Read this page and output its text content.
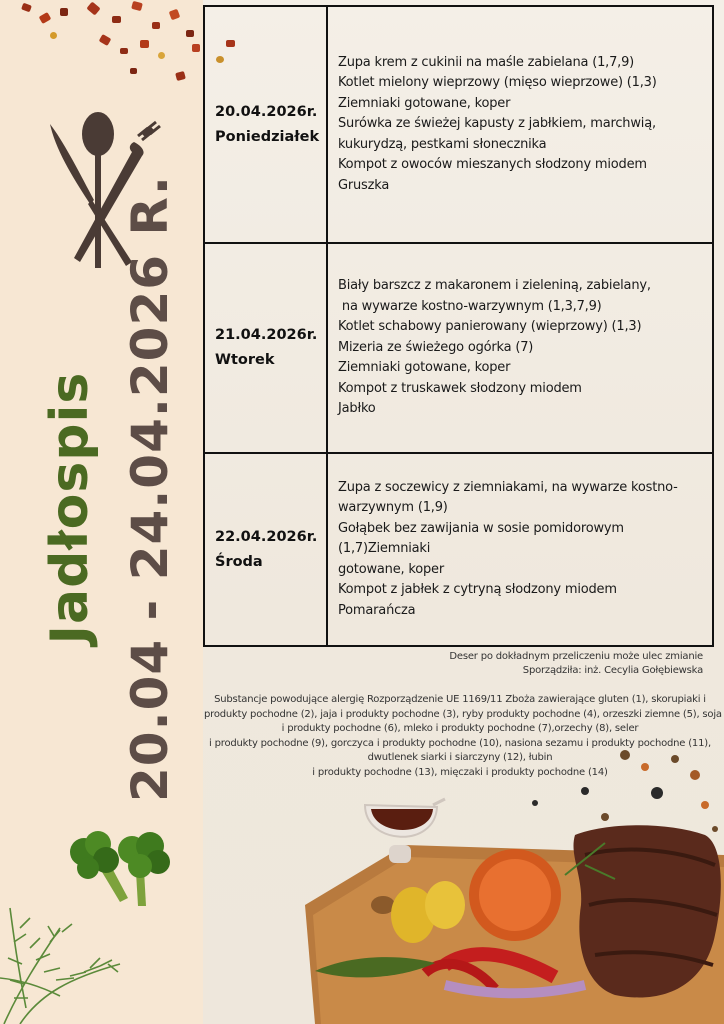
Jadłospis 20.04 - 24.04.2026 R.
20.04.2026r.
Poniedziałek
Zupa krem z cukinii na maśle zabielana (1,7,9)
Kotlet mielony wieprzowy (mięso wieprzowe) (1,3)
Ziemniaki gotowane, koper
Surówka ze świeżej kapusty z jabłkiem, marchwią,
kukurydzą, pestkami słonecznika
Kompot z owoców mieszanych słodzony miodem
Gruszka
21.04.2026r.
Wtorek
Biały barszcz z makaronem i zieleniną, zabielany,
na wywarze kostno-warzywnym (1,3,7,9)
Kotlet schabowy panierowany (wieprzowy) (1,3)
Mizeria ze świeżego ogórka (7)
Ziemniaki gotowane, koper
Kompot z truskawek słodzony miodem
Jabłko
22.04.2026r.
Środa
Zupa z soczewicy z ziemniakami, na wywarze kostno-
warzywnym (1,9)
Gołąbek bez zawijania w sosie pomidorowym (1,7)Ziemniaki
gotowane, koper
Kompot z jabłek z cytryną słodzony miodem
Pomarańcza
Deser po dokładnym przeliczeniu może ulec zmianie
Sporządziła: inż. Cecylia Gołębiewska
Substancje powodujące alergię Rozporządzenie UE 1169/11 Zboża zawierające gluten (1), skorupiaki i
produkty pochodne (2), jaja i produkty pochodne (3), ryby produkty pochodne (4), orzeszki ziemne (5), soja
i produkty pochodne (6), mleko i produkty pochodne (7),orzechy (8), seler
i produkty pochodne (9), gorczyca i produkty pochodne (10), nasiona sezamu i produkty pochodne (11),
dwutlenek siarki i siarczyny (12), łubin
i produkty pochodne (13), mięczaki i produkty pochodne (14)
